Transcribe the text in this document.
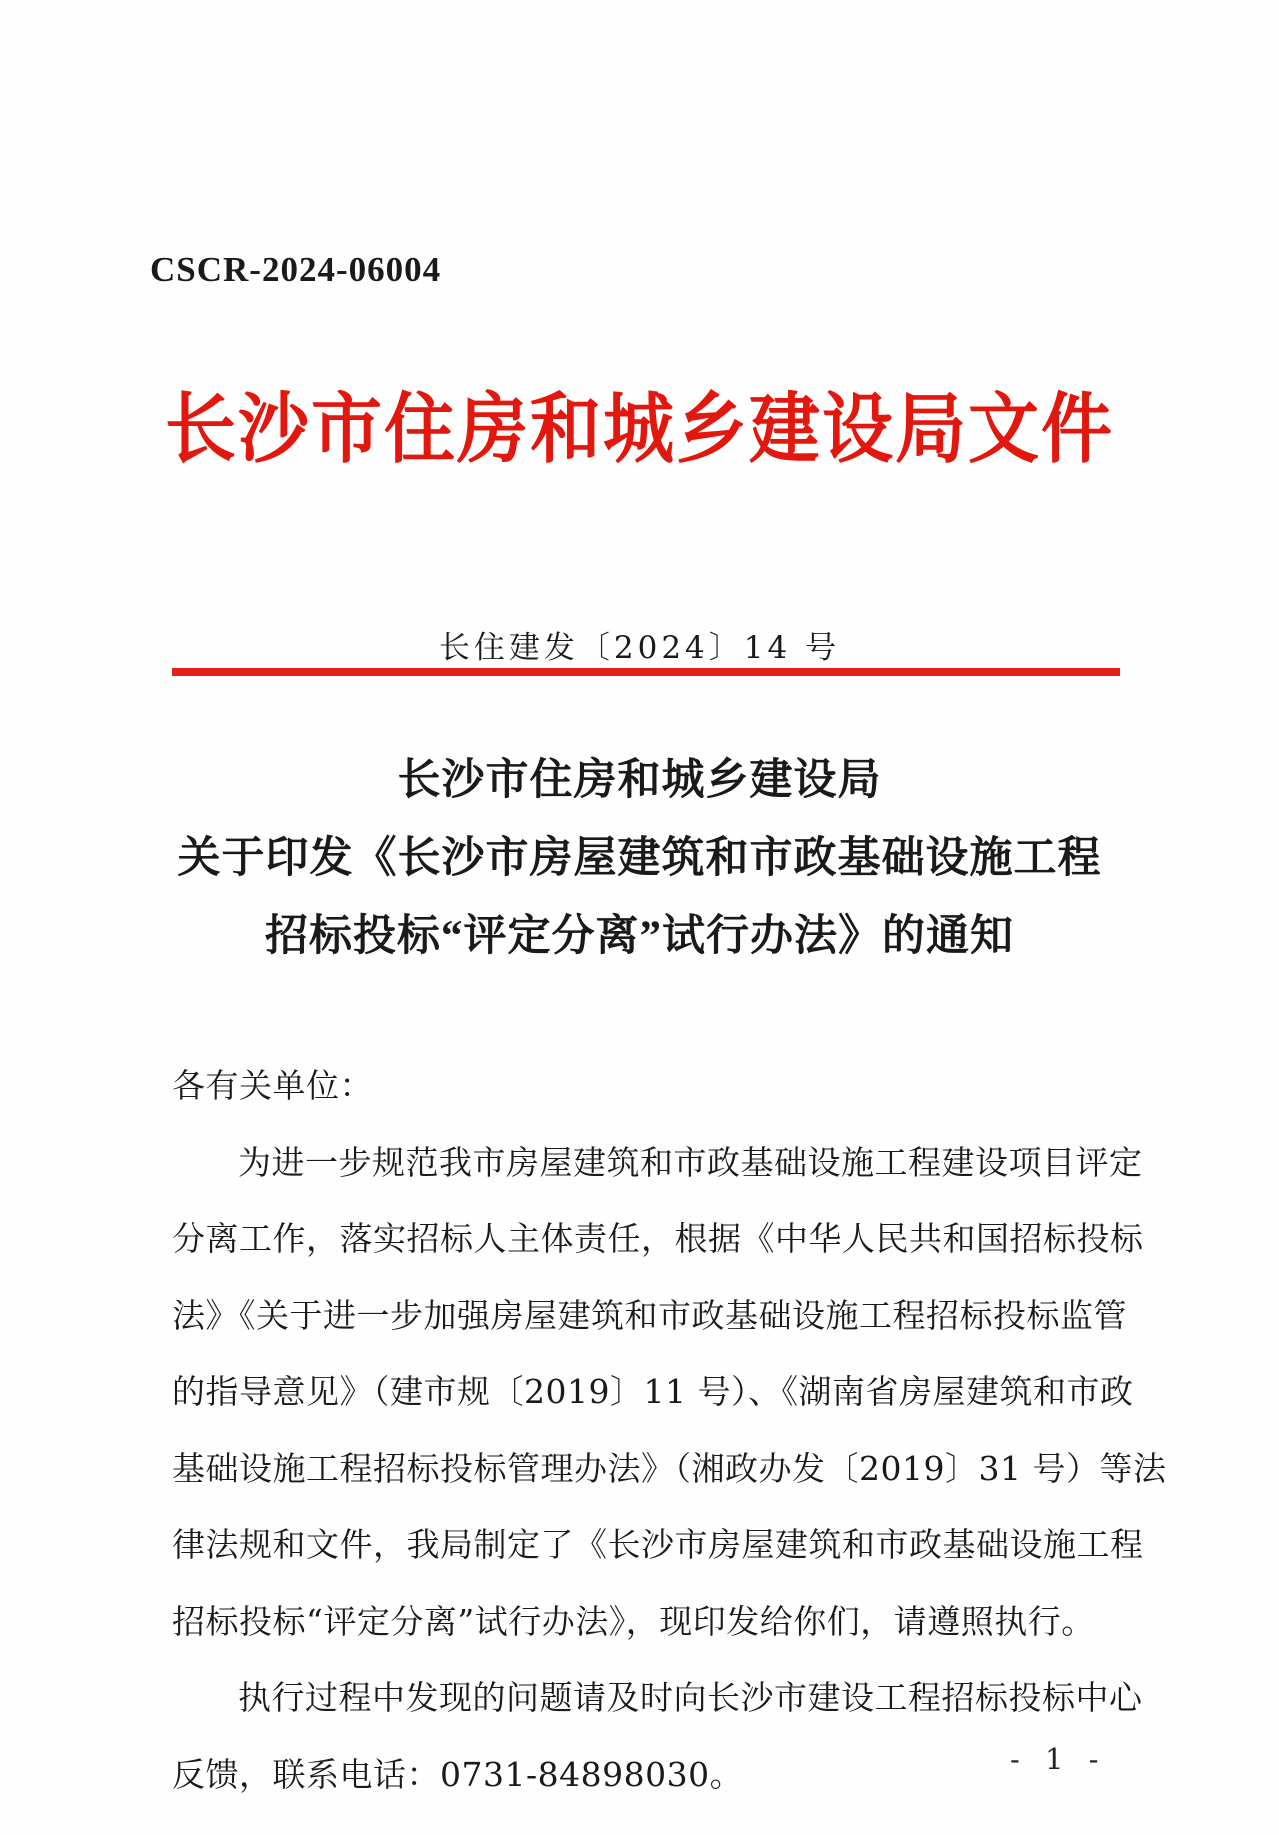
CSCR-2024-06004
长沙市住房和城乡建设局文件
长住建发〔2024〕14 号
长沙市住房和城乡建设局
关于印发《长沙市房屋建筑和市政基础设施工程
招标投标“评定分离”试行办法》的通知
各有关单位：
为进一步规范我市房屋建筑和市政基础设施工程建设项目评定
分离工作，落实招标人主体责任，根据《中华人民共和国招标投标
法》《关于进一步加强房屋建筑和市政基础设施工程招标投标监管
的指导意见》（建市规〔2019〕11 号）、《湖南省房屋建筑和市政
基础设施工程招标投标管理办法》（湘政办发〔2019〕31 号）等法
律法规和文件，我局制定了《长沙市房屋建筑和市政基础设施工程
招标投标“评定分离”试行办法》，现印发给你们，请遵照执行。
执行过程中发现的问题请及时向长沙市建设工程招标投标中心
反馈，联系电话：0731-84898030。	- 1 -
